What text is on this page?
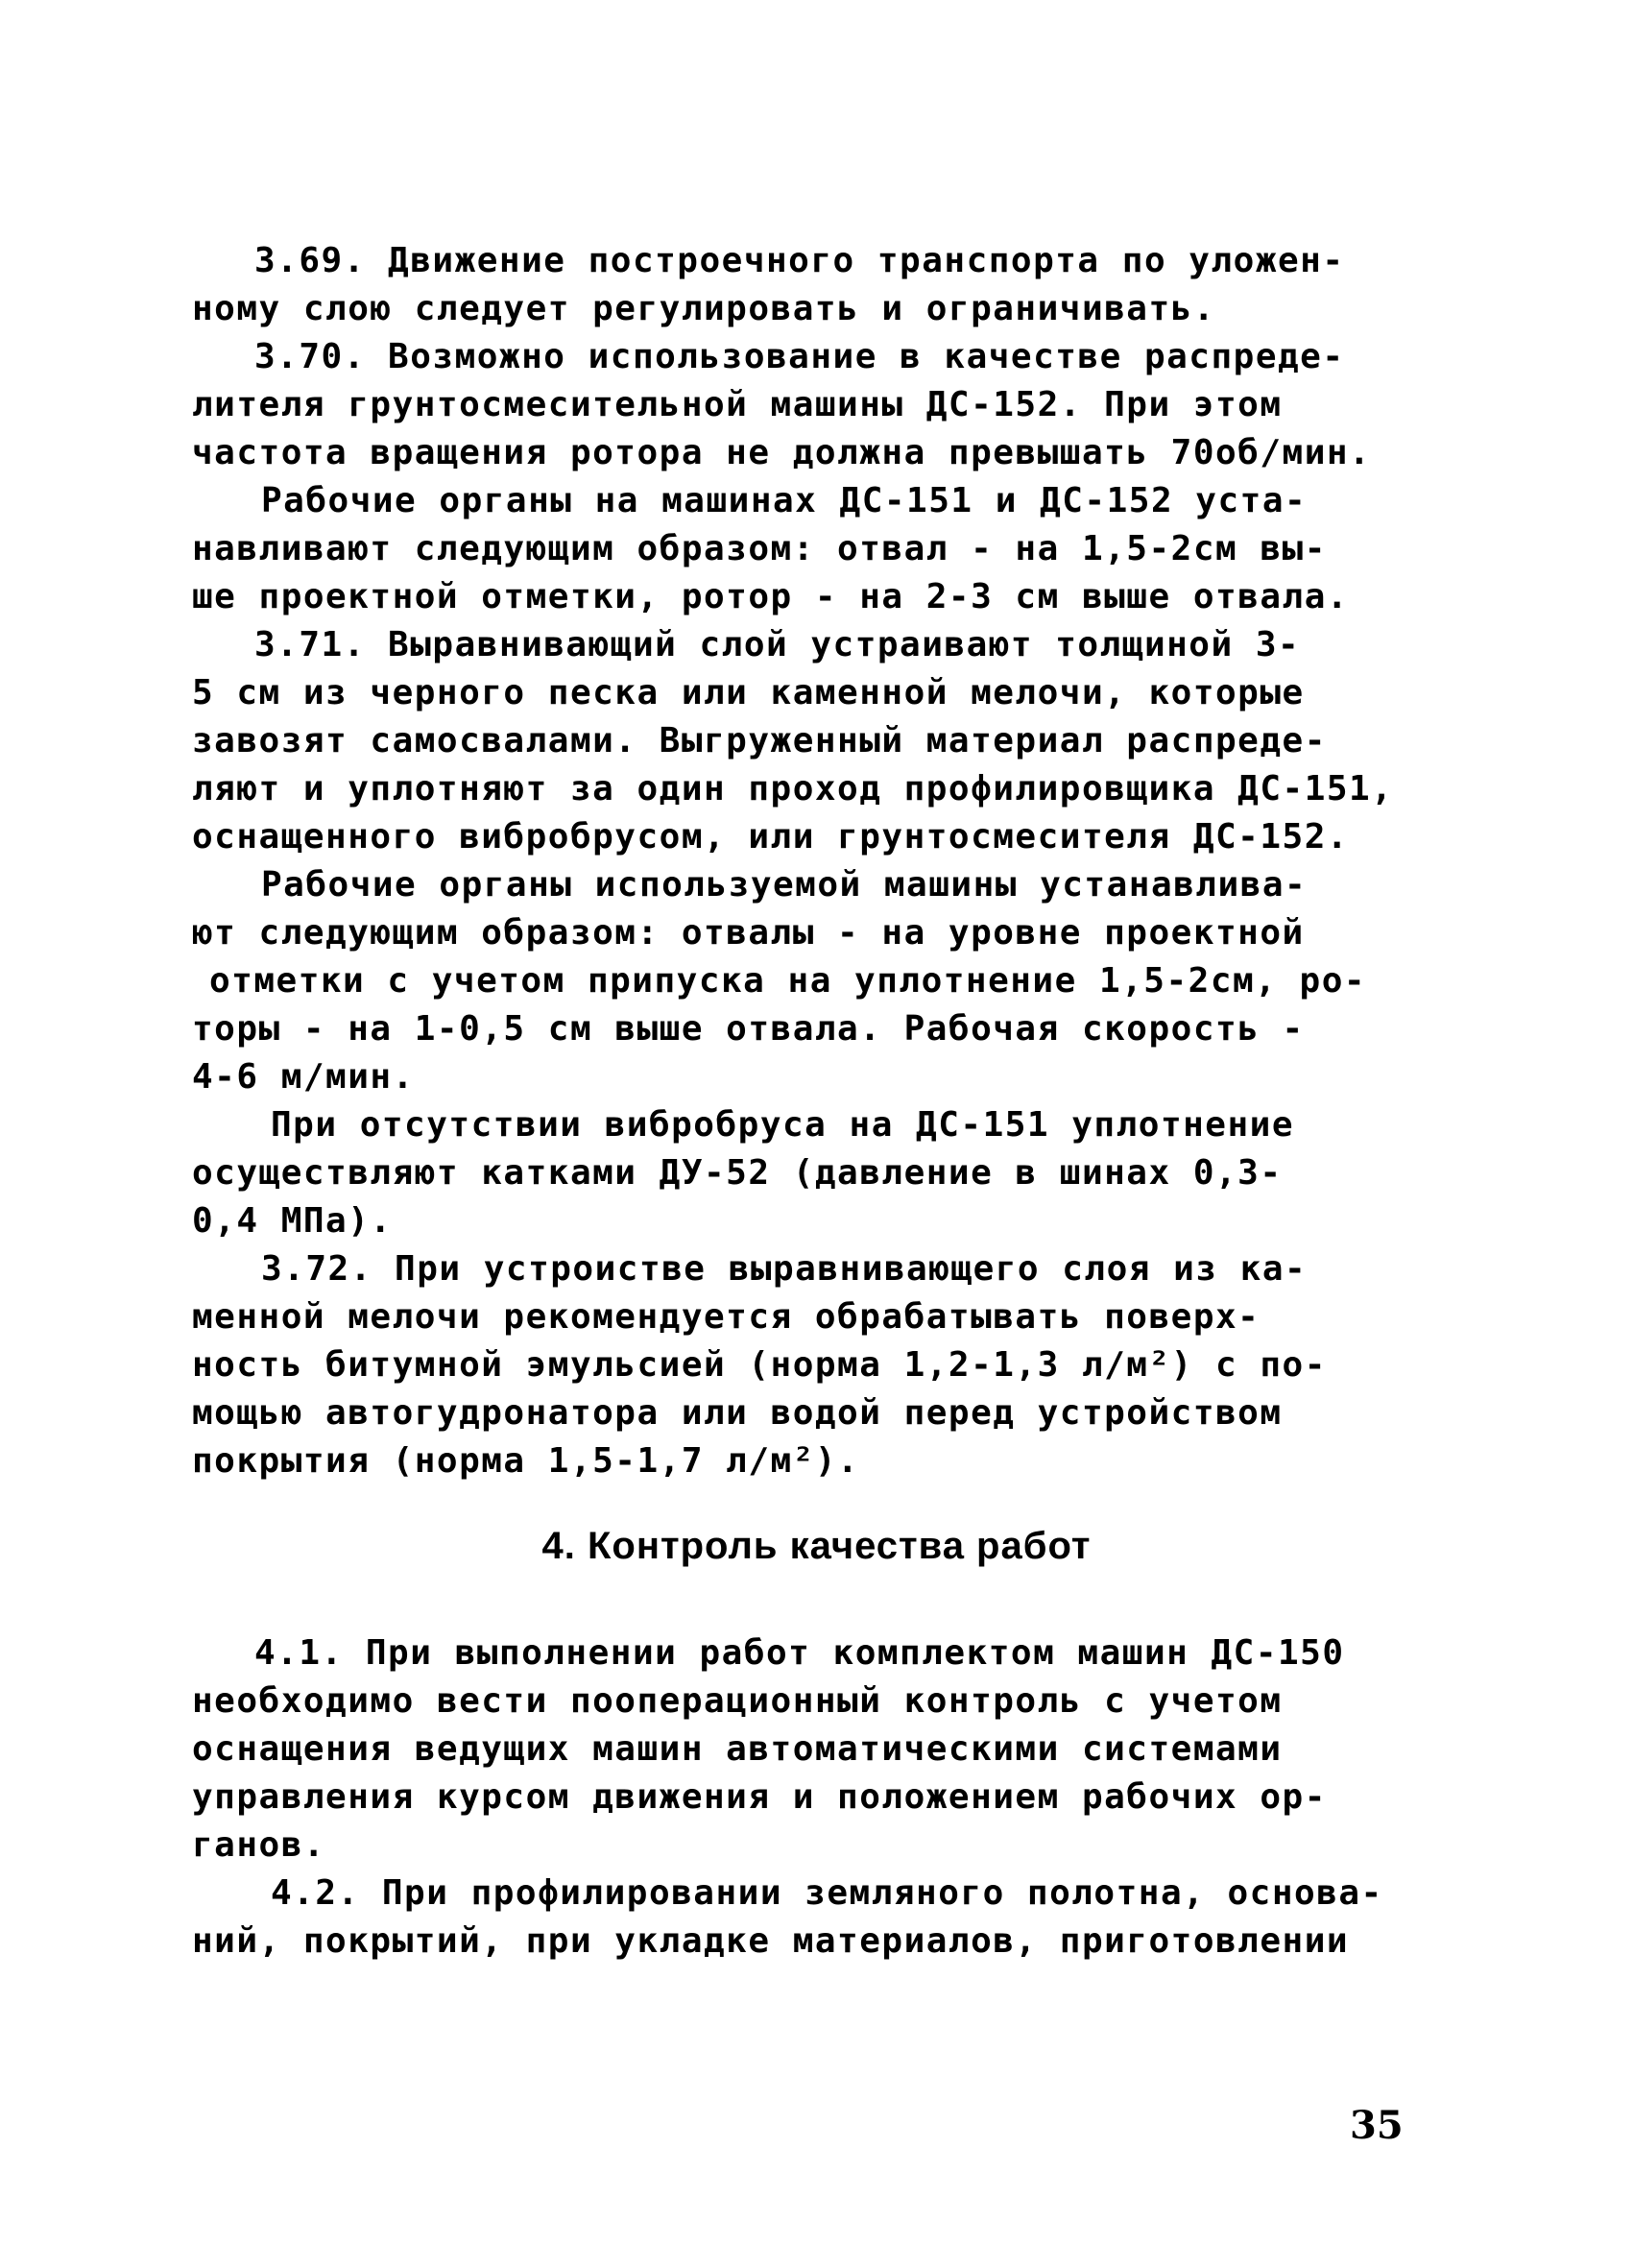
3.69. Движение построечного транспорта по уложен-
ному слою следует регулировать и ограничивать.
3.70. Возможно использование в качестве распреде-
лителя грунтосмесительной машины ДС-152. При этом
частота вращения ротора не должна превышать 70об/мин.
Рабочие органы на машинах ДС-151 и ДС-152 уста-
навливают следующим образом: отвал - на 1,5-2см вы-
ше проектной отметки, ротор - на 2-3 см выше отвала.
3.71. Выравнивающий слой устраивают толщиной 3-
5 см из черного песка или каменной мелочи, которые
завозят самосвалами. Выгруженный материал распреде-
ляют и уплотняют за один проход профилировщика ДС-151,
оснащенного вибробрусом, или грунтосмесителя ДС-152.
Рабочие органы используемой машины устанавлива-
ют следующим образом: отвалы - на уровне проектной
отметки с учетом припуска на уплотнение 1,5-2см, ро-
торы - на 1-0,5 см выше отвала. Рабочая скорость -
4-6 м/мин.
При отсутствии вибробруса на ДС-151 уплотнение
осуществляют катками ДУ-52 (давление в шинах 0,3-
0,4 МПа).
3.72. При устроистве выравнивающего слоя из ка-
менной мелочи рекомендуется обрабатывать поверх-
ность битумной эмульсией (норма 1,2-1,3 л/м²) с по-
мощью автогудронатора или водой перед устройством
покрытия (норма 1,5-1,7 л/м²).
4. Контроль качества работ
4.1. При выполнении работ комплектом машин ДС-150
необходимо вести пооперационный контроль с учетом
оснащения ведущих машин автоматическими системами
управления курсом движения и положением рабочих ор-
ганов.
4.2. При профилировании земляного полотна, основа-
ний, покрытий, при укладке материалов, приготовлении
35
